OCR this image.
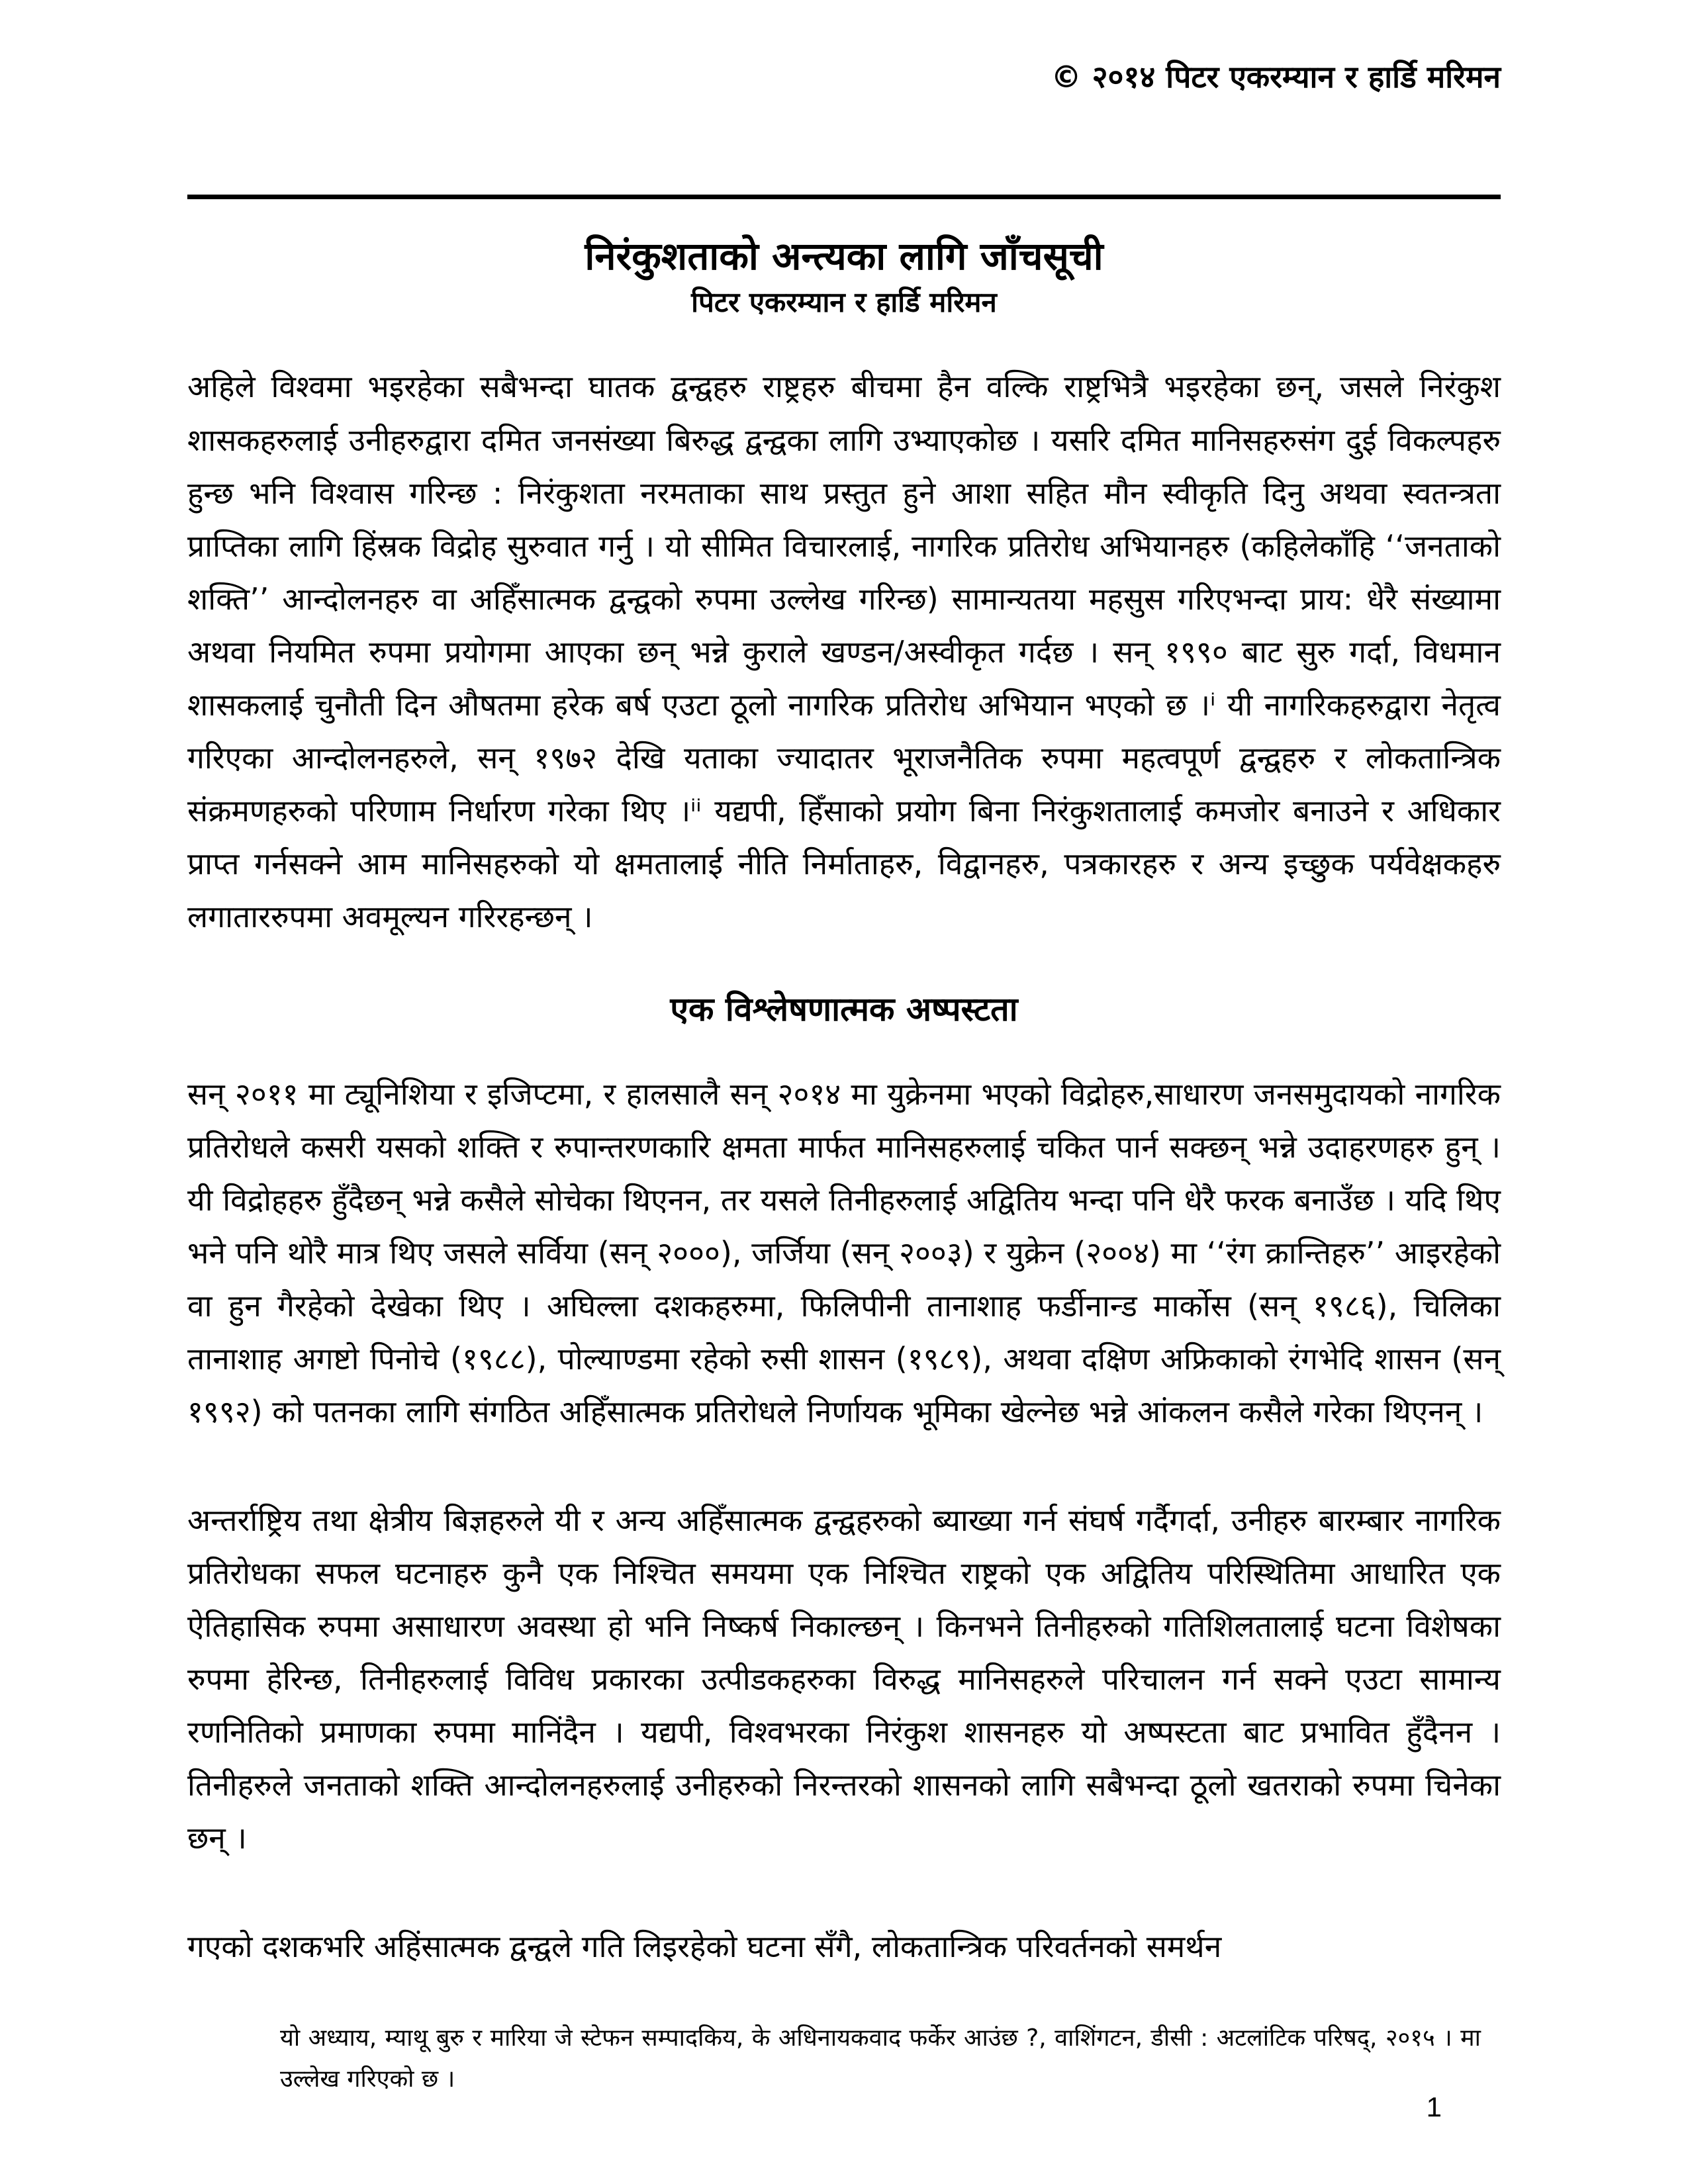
© २०१४ पिटर एकरम्यान र हार्डि मरिमन
निरंकुशताको अन्त्यका लागि जाँचसूची
पिटर एकरम्यान र हार्डि मरिमन

अहिले विश्वमा भइरहेका सबैभन्दा घातक द्वन्द्वहरु राष्ट्रहरु बीचमा हैन वल्कि राष्ट्रभित्रै भइरहेका छन्, जसले निरंकुश शासकहरुलाई उनीहरुद्वारा दमित जनसंख्या बिरुद्ध द्वन्द्वका लागि उभ्याएकोछ । यसरि दमित मानिसहरुसंग दुई विकल्पहरु हुन्छ भनि विश्वास गरिन्छ : निरंकुशता नरमताका साथ प्रस्तुत हुने आशा सहित मौन स्वीकृति दिनु अथवा स्वतन्त्रता प्राप्तिका लागि हिंस्रक विद्रोह सुरुवात गर्नु । यो सीमित विचारलाई, नागरिक प्रतिरोध अभियानहरु (कहिलेकाँहि ‘‘जनताको शक्ति’’ आन्दोलनहरु वा अहिँसात्मक द्वन्द्वको रुपमा उल्लेख गरिन्छ) सामान्यतया महसुस गरिएभन्दा प्राय: धेरै संख्यामा अथवा नियमित रुपमा प्रयोगमा आएका छन् भन्ने कुराले खण्डन/अस्वीकृत गर्दछ । सन् १९९० बाट सुरु गर्दा, विधमान शासकलाई चुनौती दिन औषतमा हरेक बर्ष एउटा ठूलो नागरिक प्रतिरोध अभियान भएको छ ।ⁱ यी नागरिकहरुद्वारा नेतृत्व गरिएका आन्दोलनहरुले, सन् १९७२ देखि यताका ज्यादातर भूराजनैतिक रुपमा महत्वपूर्ण द्वन्द्वहरु र लोकतान्त्रिक संक्रमणहरुको परिणाम निर्धारण गरेका थिए ।ⁱⁱ यद्यपी, हिँसाको प्रयोग बिना निरंकुशतालाई कमजोर बनाउने र अधिकार प्राप्त गर्नसक्ने आम मानिसहरुको यो क्षमतालाई नीति निर्माताहरु, विद्वानहरु, पत्रकारहरु र अन्य इच्छुक पर्यवेक्षकहरु लगाताररुपमा अवमूल्यन गरिरहन्छन् ।

एक विश्लेषणात्मक अष्पस्टता

सन् २०११ मा ट्यूनिशिया र इजिप्टमा, र हालसालै सन् २०१४ मा युक्रेनमा भएको विद्रोहरु,साधारण जनसमुदायको नागरिक प्रतिरोधले कसरी यसको शक्ति र रुपान्तरणकारि क्षमता मार्फत मानिसहरुलाई चकित पार्न सक्छन् भन्ने उदाहरणहरु हुन् । यी विद्रोहहरु हुँदैछन् भन्ने कसैले सोचेका थिएनन, तर यसले तिनीहरुलाई अद्वितिय भन्दा पनि धेरै फरक बनाउँछ । यदि थिए भने पनि थोरै मात्र थिए जसले सर्विया (सन् २०००), जर्जिया (सन् २००३) र युक्रेन (२००४) मा ‘‘रंग क्रान्तिहरु’’ आइरहेको वा हुन गैरहेको देखेका थिए । अघिल्ला दशकहरुमा, फिलिपीनी तानाशाह फर्डीनान्ड मार्कोस (सन् १९८६), चिलिका तानाशाह अगष्टो पिनोचे (१९८८), पोल्याण्डमा रहेको रुसी शासन (१९८९), अथवा दक्षिण अफ्रिकाको रंगभेदि शासन (सन् १९९२) को पतनका लागि संगठित अहिँसात्मक प्रतिरोधले निर्णायक भूमिका खेल्नेछ भन्ने आंकलन कसैले गरेका थिएनन् ।

अन्तर्राष्ट्रिय तथा क्षेत्रीय बिज्ञहरुले यी र अन्य अहिँसात्मक द्वन्द्वहरुको ब्याख्या गर्न संघर्ष गर्दैगर्दा, उनीहरु बारम्बार नागरिक प्रतिरोधका सफल घटनाहरु कुनै एक निश्चित समयमा एक निश्चित राष्ट्रको एक अद्वितिय परिस्थितिमा आधारित एक ऐतिहासिक रुपमा असाधारण अवस्था हो भनि निष्कर्ष निकाल्छन् । किनभने तिनीहरुको गतिशिलतालाई घटना विशेषका रुपमा हेरिन्छ, तिनीहरुलाई विविध प्रकारका उत्पीडकहरुका विरुद्ध मानिसहरुले परिचालन गर्न सक्ने एउटा सामान्य रणनितिको प्रमाणका रुपमा मानिंदैन । यद्यपी, विश्वभरका निरंकुश शासनहरु यो अष्पस्टता बाट प्रभावित हुँदैनन । तिनीहरुले जनताको शक्ति आन्दोलनहरुलाई उनीहरुको निरन्तरको शासनको लागि सबैभन्दा ठूलो खतराको रुपमा चिनेका छन् ।

गएको दशकभरि अहिंसात्मक द्वन्द्वले गति लिइरहेको घटना सँगै, लोकतान्त्रिक परिवर्तनको समर्थन

यो अध्याय, म्याथू बुरु र मारिया जे स्टेफन सम्पादकिय, के अधिनायकवाद फर्केर आउंछ ?, वाशिंगटन, डीसी : अटलांटिक परिषद्, २०१५ । मा उल्लेख गरिएको छ ।
1
